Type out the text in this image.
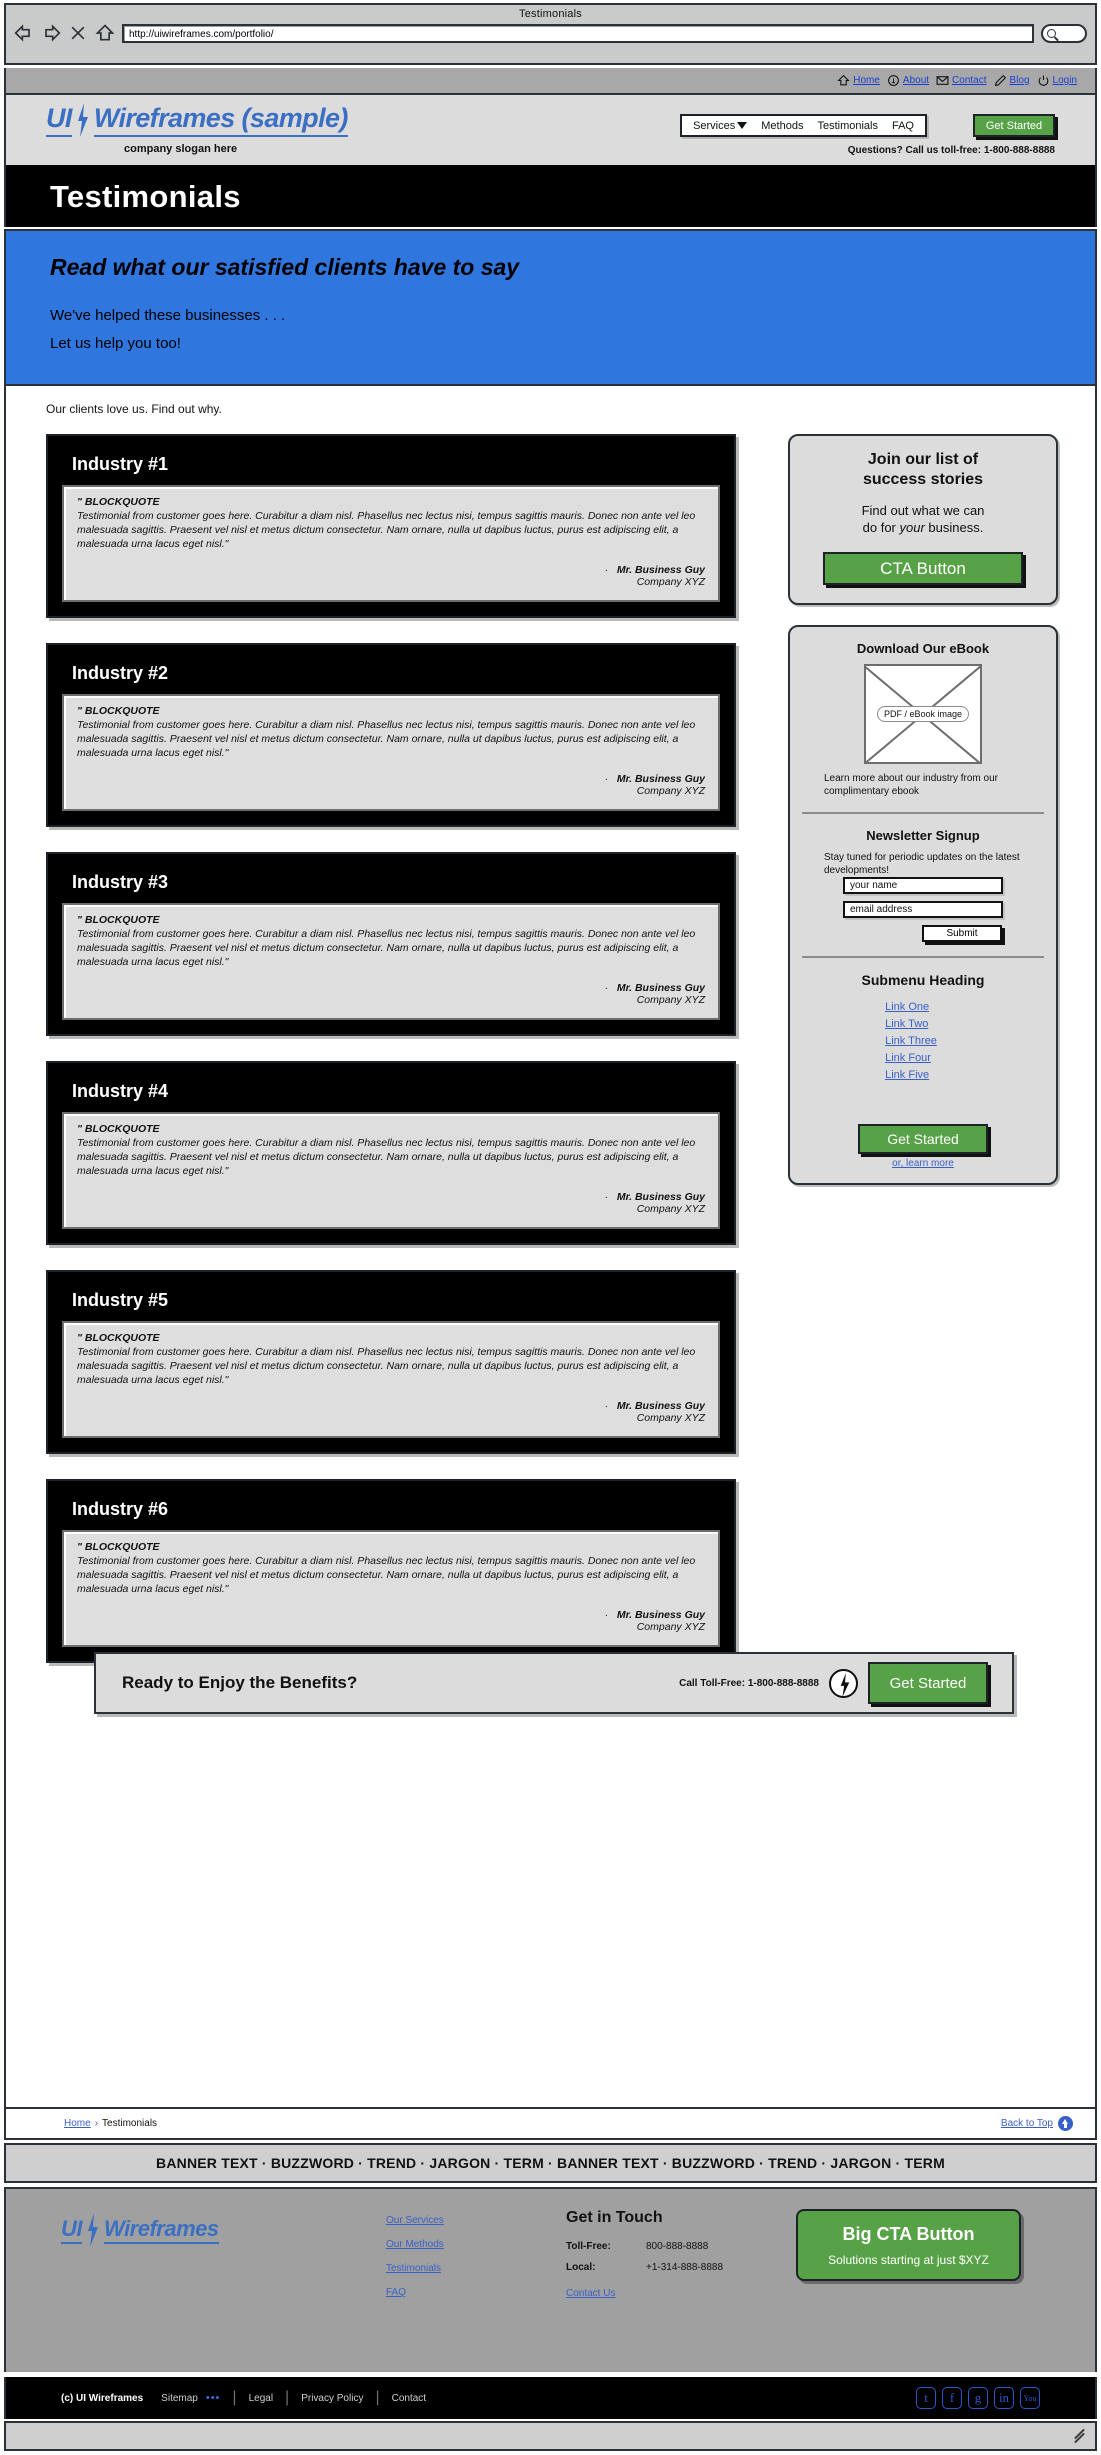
Testimonials
http://uiwireframes.com/portfolio/
Home About Contact Blog Login
UI Wireframes (sample)
company slogan here
Services Methods Testimonials FAQ	Get Started
Questions? Call us toll-free: 1-800-888-8888
Testimonials
Read what our satisfied clients have to say
We've helped these businesses . . .
Let us help you too!
Our clients love us. Find out why.
Industry #1
" BLOCKQUOTE
Testimonial from customer goes here. Curabitur a diam nisl. Phasellus nec lectus nisi, tempus sagittis mauris. Donec non ante vel leo malesuada sagittis. Praesent vel nisl et metus dictum consectetur. Nam ornare, nulla ut dapibus luctus, purus est adipiscing elit, a malesuada urna lacus eget nisl."
·   Mr. Business Guy
Company XYZ
Industry #2
" BLOCKQUOTE
Testimonial from customer goes here. Curabitur a diam nisl. Phasellus nec lectus nisi, tempus sagittis mauris. Donec non ante vel leo malesuada sagittis. Praesent vel nisl et metus dictum consectetur. Nam ornare, nulla ut dapibus luctus, purus est adipiscing elit, a malesuada urna lacus eget nisl."
·   Mr. Business Guy
Company XYZ
Industry #3
" BLOCKQUOTE
Testimonial from customer goes here. Curabitur a diam nisl. Phasellus nec lectus nisi, tempus sagittis mauris. Donec non ante vel leo malesuada sagittis. Praesent vel nisl et metus dictum consectetur. Nam ornare, nulla ut dapibus luctus, purus est adipiscing elit, a malesuada urna lacus eget nisl."
·   Mr. Business Guy
Company XYZ
Industry #4
" BLOCKQUOTE
Testimonial from customer goes here. Curabitur a diam nisl. Phasellus nec lectus nisi, tempus sagittis mauris. Donec non ante vel leo malesuada sagittis. Praesent vel nisl et metus dictum consectetur. Nam ornare, nulla ut dapibus luctus, purus est adipiscing elit, a malesuada urna lacus eget nisl."
·   Mr. Business Guy
Company XYZ
Industry #5
" BLOCKQUOTE
Testimonial from customer goes here. Curabitur a diam nisl. Phasellus nec lectus nisi, tempus sagittis mauris. Donec non ante vel leo malesuada sagittis. Praesent vel nisl et metus dictum consectetur. Nam ornare, nulla ut dapibus luctus, purus est adipiscing elit, a malesuada urna lacus eget nisl."
·   Mr. Business Guy
Company XYZ
Industry #6
" BLOCKQUOTE
Testimonial from customer goes here. Curabitur a diam nisl. Phasellus nec lectus nisi, tempus sagittis mauris. Donec non ante vel leo malesuada sagittis. Praesent vel nisl et metus dictum consectetur. Nam ornare, nulla ut dapibus luctus, purus est adipiscing elit, a malesuada urna lacus eget nisl."
·   Mr. Business Guy
Company XYZ
Join our list of
success stories

Find out what we can
do for your business.

CTA Button
Download Our eBook
PDF / eBook image
Learn more about our industry from our complimentary ebook
Newsletter Signup
Stay tuned for periodic updates on the latest developments!
your name
email address
Submit
Submenu Heading
Link One
Link Two
Link Three
Link Four
Link Five
Get Started
or, learn more
Ready to Enjoy the Benefits?	Call Toll-Free: 1-800-888-8888	Get Started
Home › Testimonials	Back to Top
BANNER TEXT · BUZZWORD · TREND · JARGON · TERM · BANNER TEXT · BUZZWORD · TREND · JARGON · TERM
UI Wireframes	Our Services
Our Methods
Testimonials
FAQ
Get in Touch
Toll-Free:	800-888-8888
Local:	+1-314-888-8888
Contact Us
Big CTA Button
Solutions starting at just $XYZ
(c) UI Wireframes Sitemap ••• | Legal | Privacy Policy | Contact	t	f	g	in	You
